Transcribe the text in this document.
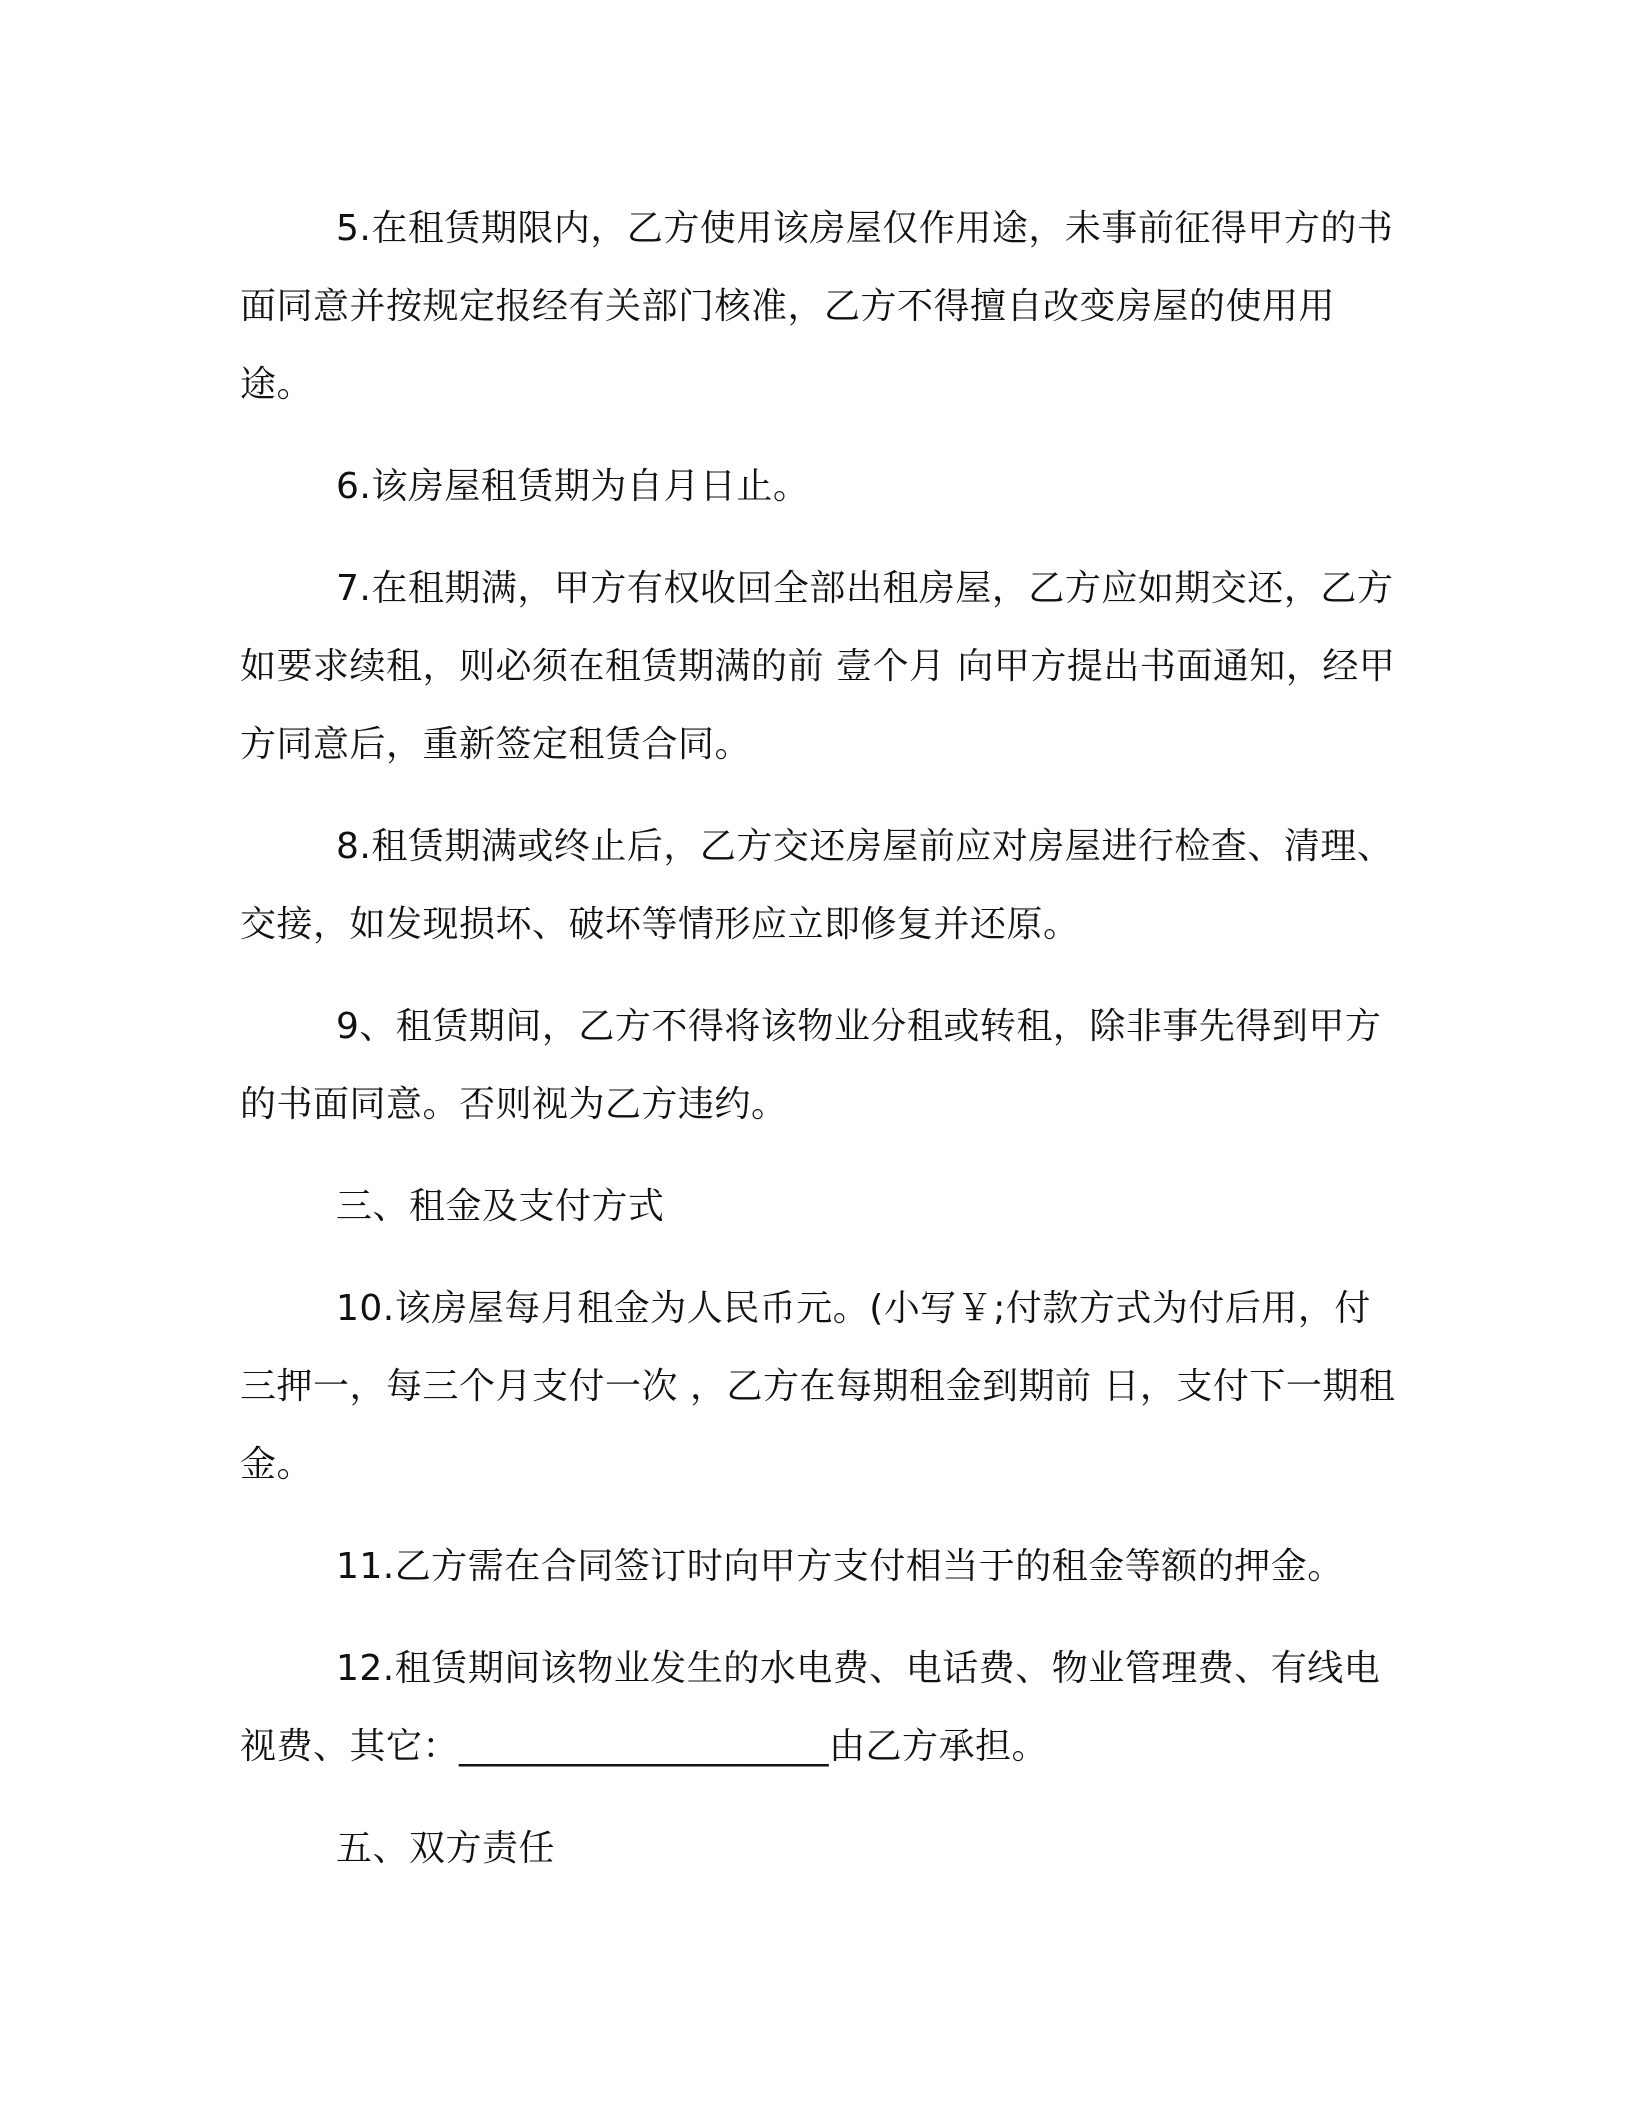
5.在租赁期限内，乙方使用该房屋仅作用途，未事前征得甲方的书面同意并按规定报经有关部门核准，乙方不得擅自改变房屋的使用用途。

6.该房屋租赁期为自月日止。

7.在租期满，甲方有权收回全部出租房屋，乙方应如期交还，乙方如要求续租，则必须在租赁期满的前 壹个月 向甲方提出书面通知，经甲方同意后，重新签定租赁合同。

8.租赁期满或终止后，乙方交还房屋前应对房屋进行检查、清理、交接，如发现损坏、破坏等情形应立即修复并还原。

9、租赁期间，乙方不得将该物业分租或转租，除非事先得到甲方的书面同意。否则视为乙方违约。

三、租金及支付方式

10.该房屋每月租金为人民币元。(小写￥;付款方式为付后用，付三押一，每三个月支付一次 ，乙方在每期租金到期前 日，支付下一期租金。

11.乙方需在合同签订时向甲方支付相当于的租金等额的押金。

12.租赁期间该物业发生的水电费、电话费、物业管理费、有线电视费、其它：____________________由乙方承担。

五、双方责任
